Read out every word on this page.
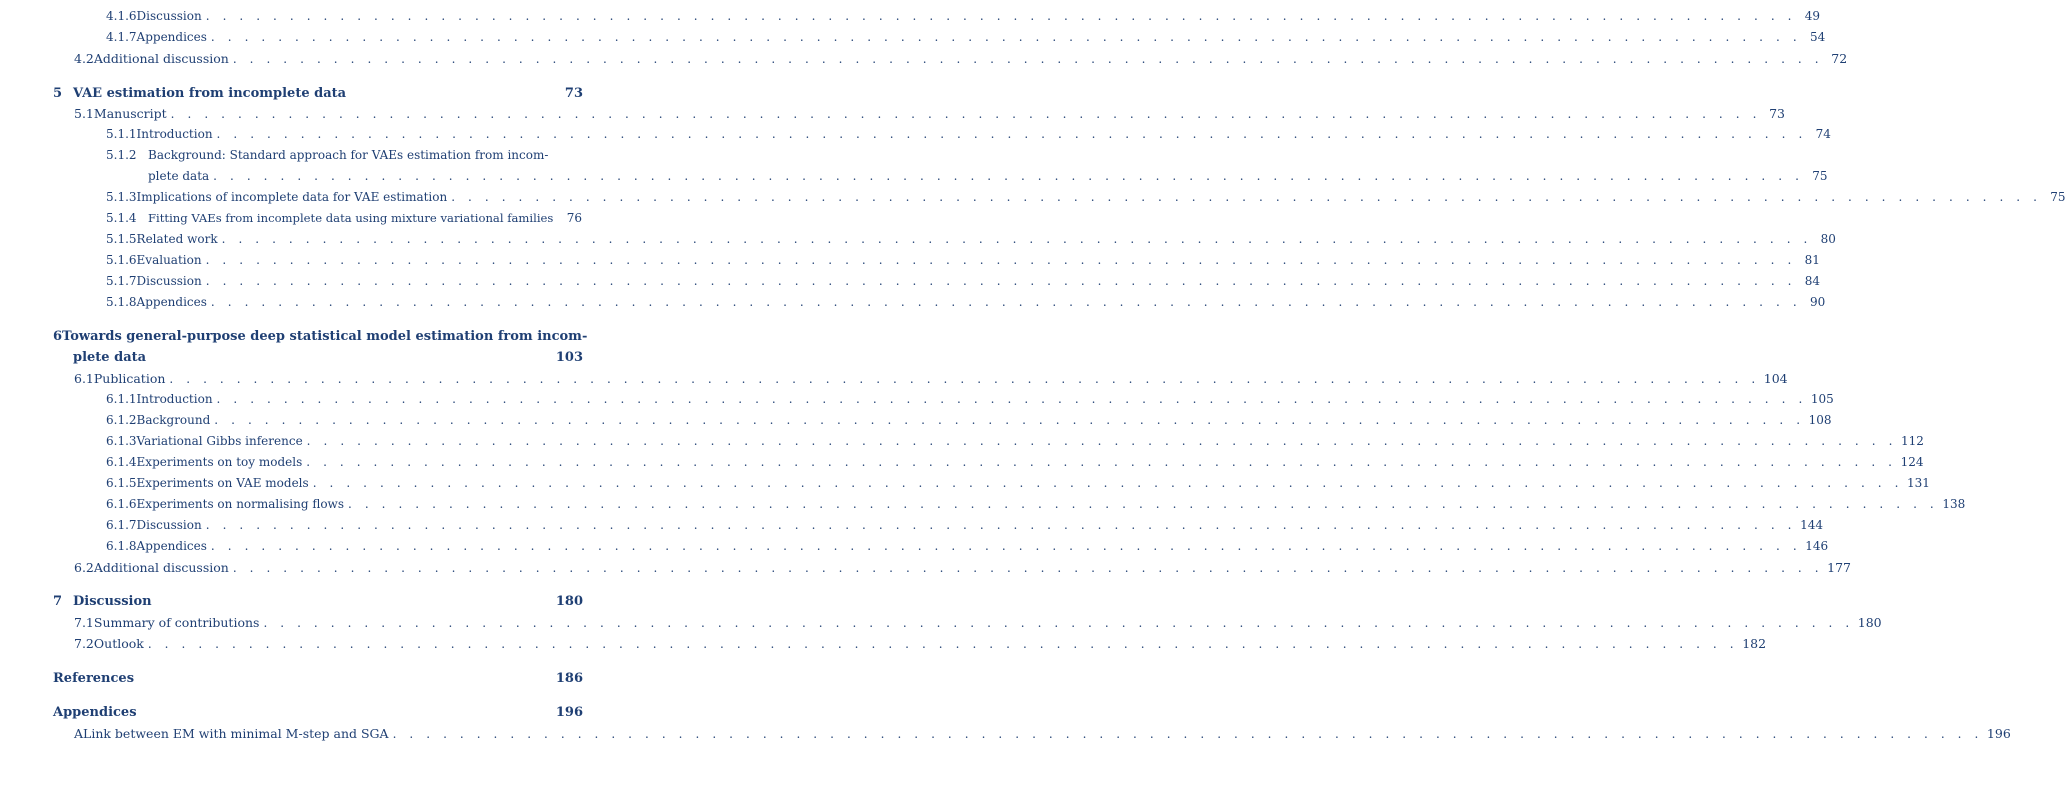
4.1.6 Discussion . . . . . . . . . . . . . . . . . . . . . . . . . . . . . . . . . . . . . . . . . . . . . . . . . . . . . . . . . . . . . . . . . . . . . . . . . . . . . . . . . . . . . . . . . . . . . . . 49
4.1.7 Appendices . . . . . . . . . . . . . . . . . . . . . . . . . . . . . . . . . . . . . . . . . . . . . . . . . . . . . . . . . . . . . . . . . . . . . . . . . . . . . . . . . . . . . . . . . . . . . . . 54
4.2 Additional discussion . . . . . . . . . . . . . . . . . . . . . . . . . . . . . . . . . . . . . . . . . . . . . . . . . . . . . . . . . . . . . . . . . . . . . . . . . . . . . . . . . . . . . . . . . . . . . . . 72
5 VAE estimation from incomplete data	73
5.1 Manuscript . . . . . . . . . . . . . . . . . . . . . . . . . . . . . . . . . . . . . . . . . . . . . . . . . . . . . . . . . . . . . . . . . . . . . . . . . . . . . . . . . . . . . . . . . . . . . . . 73
5.1.1 Introduction . . . . . . . . . . . . . . . . . . . . . . . . . . . . . . . . . . . . . . . . . . . . . . . . . . . . . . . . . . . . . . . . . . . . . . . . . . . . . . . . . . . . . . . . . . . . . . . 74
5.1.2 Background: Standard approach for VAEs estimation from incom-
plete data . . . . . . . . . . . . . . . . . . . . . . . . . . . . . . . . . . . . . . . . . . . . . . . . . . . . . . . . . . . . . . . . . . . . . . . . . . . . . . . . . . . . . . . . . . . . . . . 75
5.1.3 Implications of incomplete data for VAE estimation . . . . . . . . . . . . . . . . . . . . . . . . . . . . . . . . . . . . . . . . . . . . . . . . . . . . . . . . . . . . . . . . . . . . . . . . . . . . . . . . . . . . . . . . . . . . . . . 75
5.1.4 Fitting VAEs from incomplete data using mixture variational families	76
5.1.5 Related work . . . . . . . . . . . . . . . . . . . . . . . . . . . . . . . . . . . . . . . . . . . . . . . . . . . . . . . . . . . . . . . . . . . . . . . . . . . . . . . . . . . . . . . . . . . . . . . 80
5.1.6 Evaluation . . . . . . . . . . . . . . . . . . . . . . . . . . . . . . . . . . . . . . . . . . . . . . . . . . . . . . . . . . . . . . . . . . . . . . . . . . . . . . . . . . . . . . . . . . . . . . . 81
5.1.7 Discussion . . . . . . . . . . . . . . . . . . . . . . . . . . . . . . . . . . . . . . . . . . . . . . . . . . . . . . . . . . . . . . . . . . . . . . . . . . . . . . . . . . . . . . . . . . . . . . . 84
5.1.8 Appendices . . . . . . . . . . . . . . . . . . . . . . . . . . . . . . . . . . . . . . . . . . . . . . . . . . . . . . . . . . . . . . . . . . . . . . . . . . . . . . . . . . . . . . . . . . . . . . . 90
6 Towards general-purpose deep statistical model estimation from incom-
plete data	103
6.1 Publication . . . . . . . . . . . . . . . . . . . . . . . . . . . . . . . . . . . . . . . . . . . . . . . . . . . . . . . . . . . . . . . . . . . . . . . . . . . . . . . . . . . . . . . . . . . . . . . 104
6.1.1 Introduction . . . . . . . . . . . . . . . . . . . . . . . . . . . . . . . . . . . . . . . . . . . . . . . . . . . . . . . . . . . . . . . . . . . . . . . . . . . . . . . . . . . . . . . . . . . . . . . 105
6.1.2 Background . . . . . . . . . . . . . . . . . . . . . . . . . . . . . . . . . . . . . . . . . . . . . . . . . . . . . . . . . . . . . . . . . . . . . . . . . . . . . . . . . . . . . . . . . . . . . . . 108
6.1.3 Variational Gibbs inference . . . . . . . . . . . . . . . . . . . . . . . . . . . . . . . . . . . . . . . . . . . . . . . . . . . . . . . . . . . . . . . . . . . . . . . . . . . . . . . . . . . . . . . . . . . . . . . 112
6.1.4 Experiments on toy models . . . . . . . . . . . . . . . . . . . . . . . . . . . . . . . . . . . . . . . . . . . . . . . . . . . . . . . . . . . . . . . . . . . . . . . . . . . . . . . . . . . . . . . . . . . . . . . 124
6.1.5 Experiments on VAE models . . . . . . . . . . . . . . . . . . . . . . . . . . . . . . . . . . . . . . . . . . . . . . . . . . . . . . . . . . . . . . . . . . . . . . . . . . . . . . . . . . . . . . . . . . . . . . . 131
6.1.6 Experiments on normalising flows . . . . . . . . . . . . . . . . . . . . . . . . . . . . . . . . . . . . . . . . . . . . . . . . . . . . . . . . . . . . . . . . . . . . . . . . . . . . . . . . . . . . . . . . . . . . . . . 138
6.1.7 Discussion . . . . . . . . . . . . . . . . . . . . . . . . . . . . . . . . . . . . . . . . . . . . . . . . . . . . . . . . . . . . . . . . . . . . . . . . . . . . . . . . . . . . . . . . . . . . . . . 144
6.1.8 Appendices . . . . . . . . . . . . . . . . . . . . . . . . . . . . . . . . . . . . . . . . . . . . . . . . . . . . . . . . . . . . . . . . . . . . . . . . . . . . . . . . . . . . . . . . . . . . . . . 146
6.2 Additional discussion . . . . . . . . . . . . . . . . . . . . . . . . . . . . . . . . . . . . . . . . . . . . . . . . . . . . . . . . . . . . . . . . . . . . . . . . . . . . . . . . . . . . . . . . . . . . . . . 177
7 Discussion	180
7.1 Summary of contributions . . . . . . . . . . . . . . . . . . . . . . . . . . . . . . . . . . . . . . . . . . . . . . . . . . . . . . . . . . . . . . . . . . . . . . . . . . . . . . . . . . . . . . . . . . . . . . . 180
7.2 Outlook . . . . . . . . . . . . . . . . . . . . . . . . . . . . . . . . . . . . . . . . . . . . . . . . . . . . . . . . . . . . . . . . . . . . . . . . . . . . . . . . . . . . . . . . . . . . . . . 182
References	186
Appendices	196
A Link between EM with minimal M-step and SGA . . . . . . . . . . . . . . . . . . . . . . . . . . . . . . . . . . . . . . . . . . . . . . . . . . . . . . . . . . . . . . . . . . . . . . . . . . . . . . . . . . . . . . . . . . . . . . . 196
